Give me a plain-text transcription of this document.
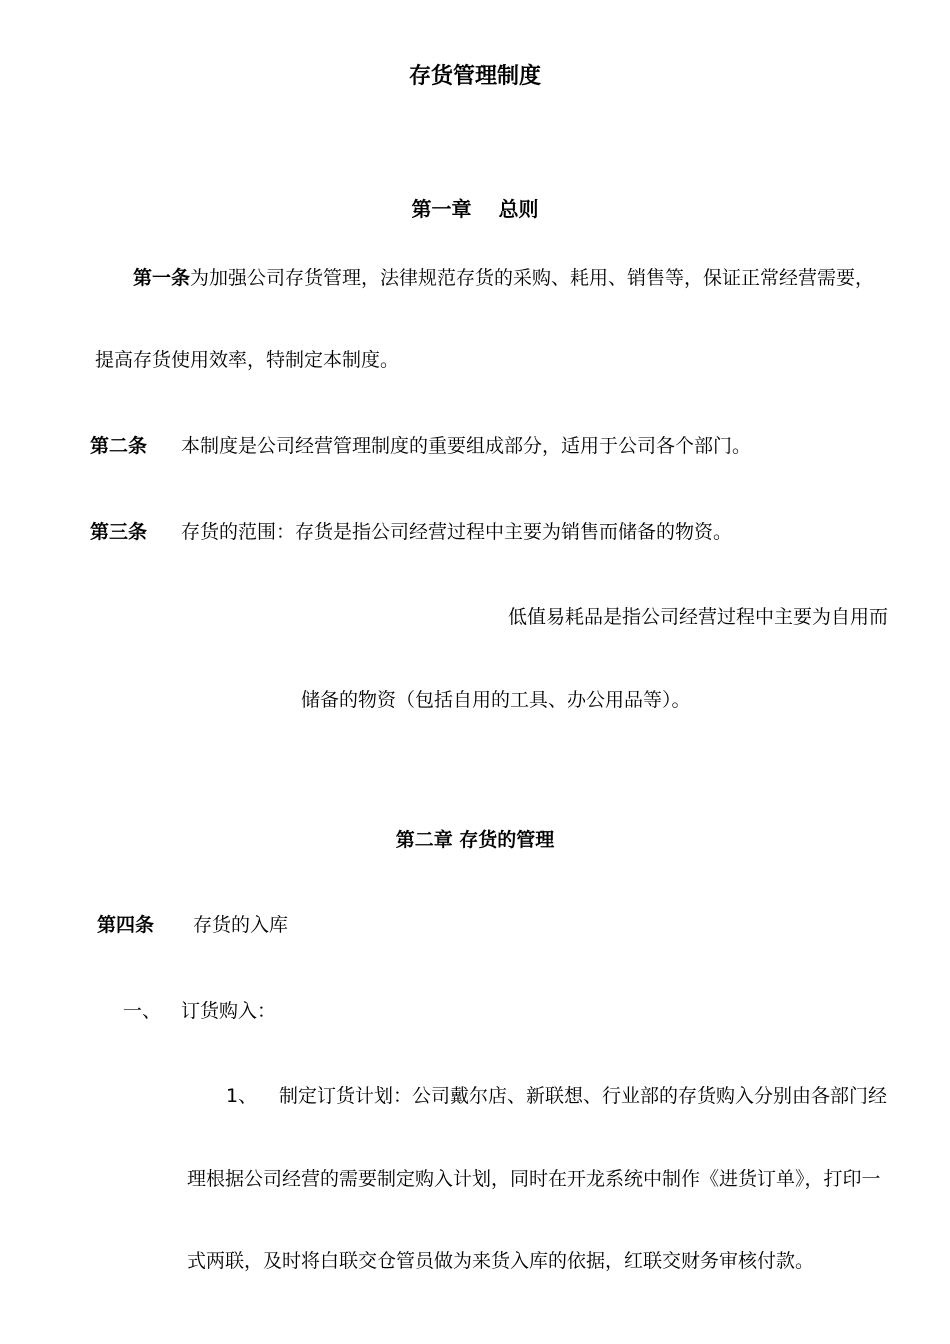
存货管理制度
第一章　 总则
第一条为加强公司存货管理，法律规范存货的采购、耗用、销售等，保证正常经营需要，
提高存货使用效率，特制定本制度。
第二条 本制度是公司经营管理制度的重要组成部分，适用于公司各个部门。
第三条 存货的范围：存货是指公司经营过程中主要为销售而储备的物资。
低值易耗品是指公司经营过程中主要为自用而
储备的物资（包括自用的工具、办公用品等）。
第二章 存货的管理
第四条 存货的入库
一、 订货购入：
1、 制定订货计划：公司戴尔店、新联想、行业部的存货购入分别由各部门经
理根据公司经营的需要制定购入计划，同时在开龙系统中制作《进货订单》，打印一
式两联，及时将白联交仓管员做为来货入库的依据，红联交财务审核付款。
